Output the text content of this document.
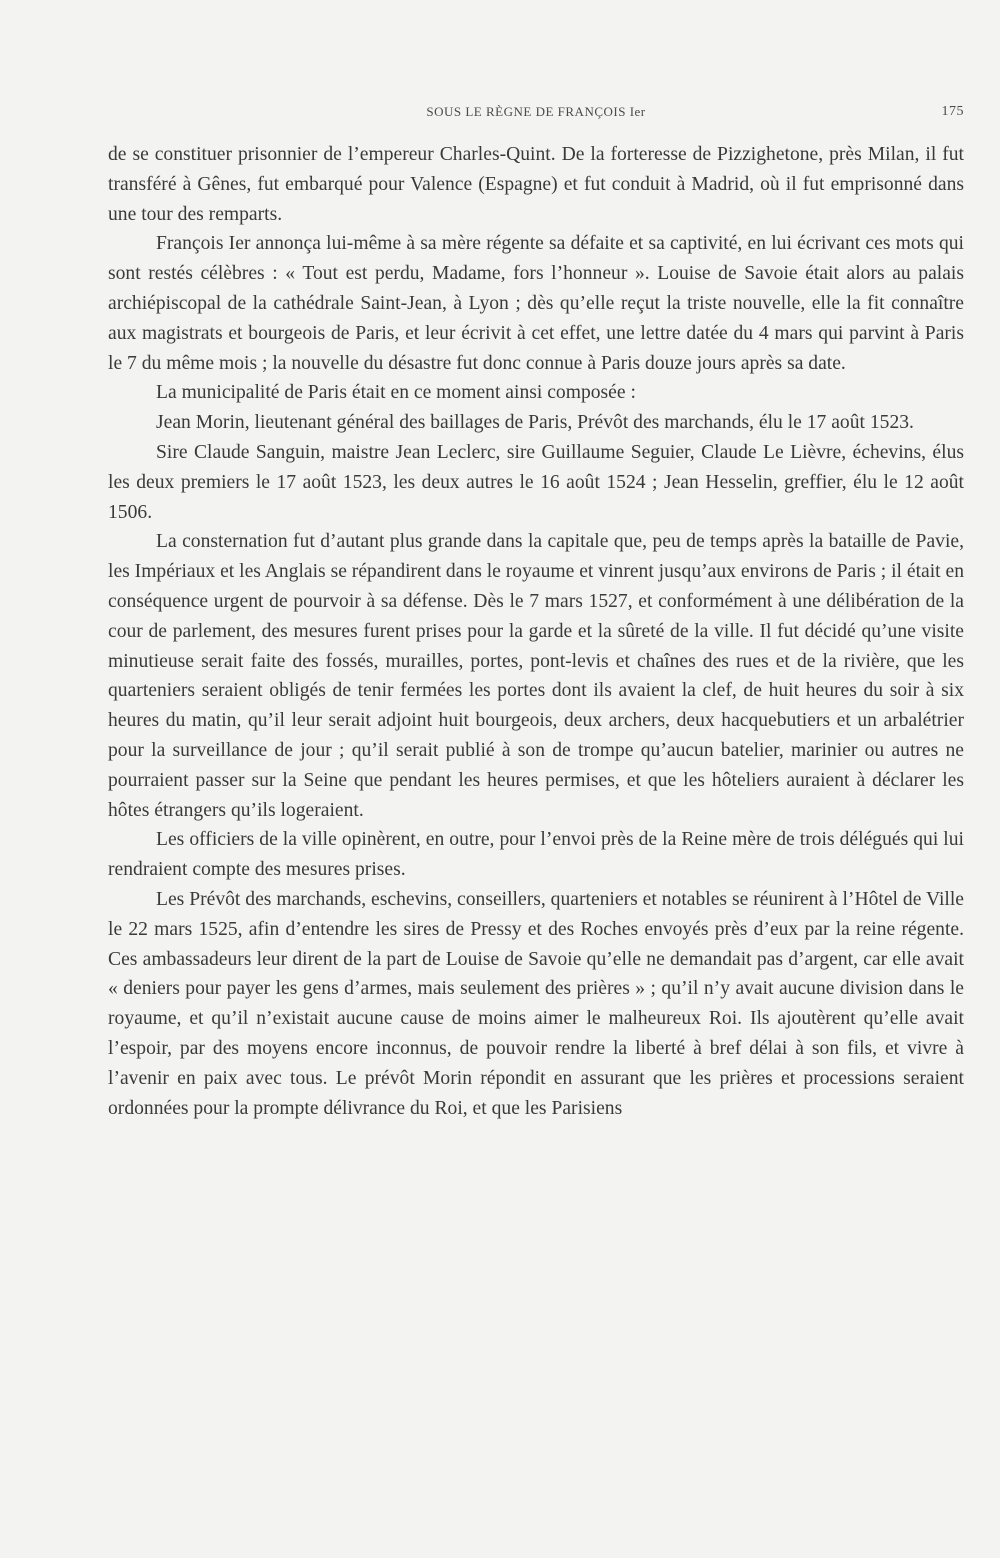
SOUS LE RÈGNE DE FRANÇOIS Ier	175

de se constituer prisonnier de l’empereur Charles-Quint. De la forteresse de Pizzighetone, près Milan, il fut transféré à Gênes, fut embarqué pour Valence (Espagne) et fut conduit à Madrid, où il fut emprisonné dans une tour des remparts.

François Ier annonça lui-même à sa mère régente sa défaite et sa captivité, en lui écrivant ces mots qui sont restés célèbres : « Tout est perdu, Madame, fors l’honneur ». Louise de Savoie était alors au palais archiépiscopal de la cathédrale Saint-Jean, à Lyon ; dès qu’elle reçut la triste nouvelle, elle la fit connaître aux magistrats et bourgeois de Paris, et leur écrivit à cet effet, une lettre datée du 4 mars qui parvint à Paris le 7 du même mois ; la nouvelle du désastre fut donc connue à Paris douze jours après sa date.

La municipalité de Paris était en ce moment ainsi composée :

Jean Morin, lieutenant général des baillages de Paris, Prévôt des marchands, élu le 17 août 1523.

Sire Claude Sanguin, maistre Jean Leclerc, sire Guillaume Seguier, Claude Le Lièvre, échevins, élus les deux premiers le 17 août 1523, les deux autres le 16 août 1524 ; Jean Hesselin, greffier, élu le 12 août 1506.

La consternation fut d’autant plus grande dans la capitale que, peu de temps après la bataille de Pavie, les Impériaux et les Anglais se répandirent dans le royaume et vinrent jusqu’aux environs de Paris ; il était en conséquence urgent de pourvoir à sa défense. Dès le 7 mars 1527, et conformément à une délibération de la cour de parlement, des mesures furent prises pour la garde et la sûreté de la ville. Il fut décidé qu’une visite minutieuse serait faite des fossés, murailles, portes, pont-levis et chaînes des rues et de la rivière, que les quarteniers seraient obligés de tenir fermées les portes dont ils avaient la clef, de huit heures du soir à six heures du matin, qu’il leur serait adjoint huit bourgeois, deux archers, deux hacquebutiers et un arbalétrier pour la surveillance de jour ; qu’il serait publié à son de trompe qu’aucun batelier, marinier ou autres ne pourraient passer sur la Seine que pendant les heures permises, et que les hôteliers auraient à déclarer les hôtes étrangers qu’ils logeraient.

Les officiers de la ville opinèrent, en outre, pour l’envoi près de la Reine mère de trois délégués qui lui rendraient compte des mesures prises.

Les Prévôt des marchands, eschevins, conseillers, quarteniers et notables se réunirent à l’Hôtel de Ville le 22 mars 1525, afin d’entendre les sires de Pressy et des Roches envoyés près d’eux par la reine régente. Ces ambassadeurs leur dirent de la part de Louise de Savoie qu’elle ne demandait pas d’argent, car elle avait « deniers pour payer les gens d’armes, mais seulement des prières » ; qu’il n’y avait aucune division dans le royaume, et qu’il n’existait aucune cause de moins aimer le malheureux Roi. Ils ajoutèrent qu’elle avait l’espoir, par des moyens encore inconnus, de pouvoir rendre la liberté à bref délai à son fils, et vivre à l’avenir en paix avec tous. Le prévôt Morin répondit en assurant que les prières et processions seraient ordonnées pour la prompte délivrance du Roi, et que les Parisiens
